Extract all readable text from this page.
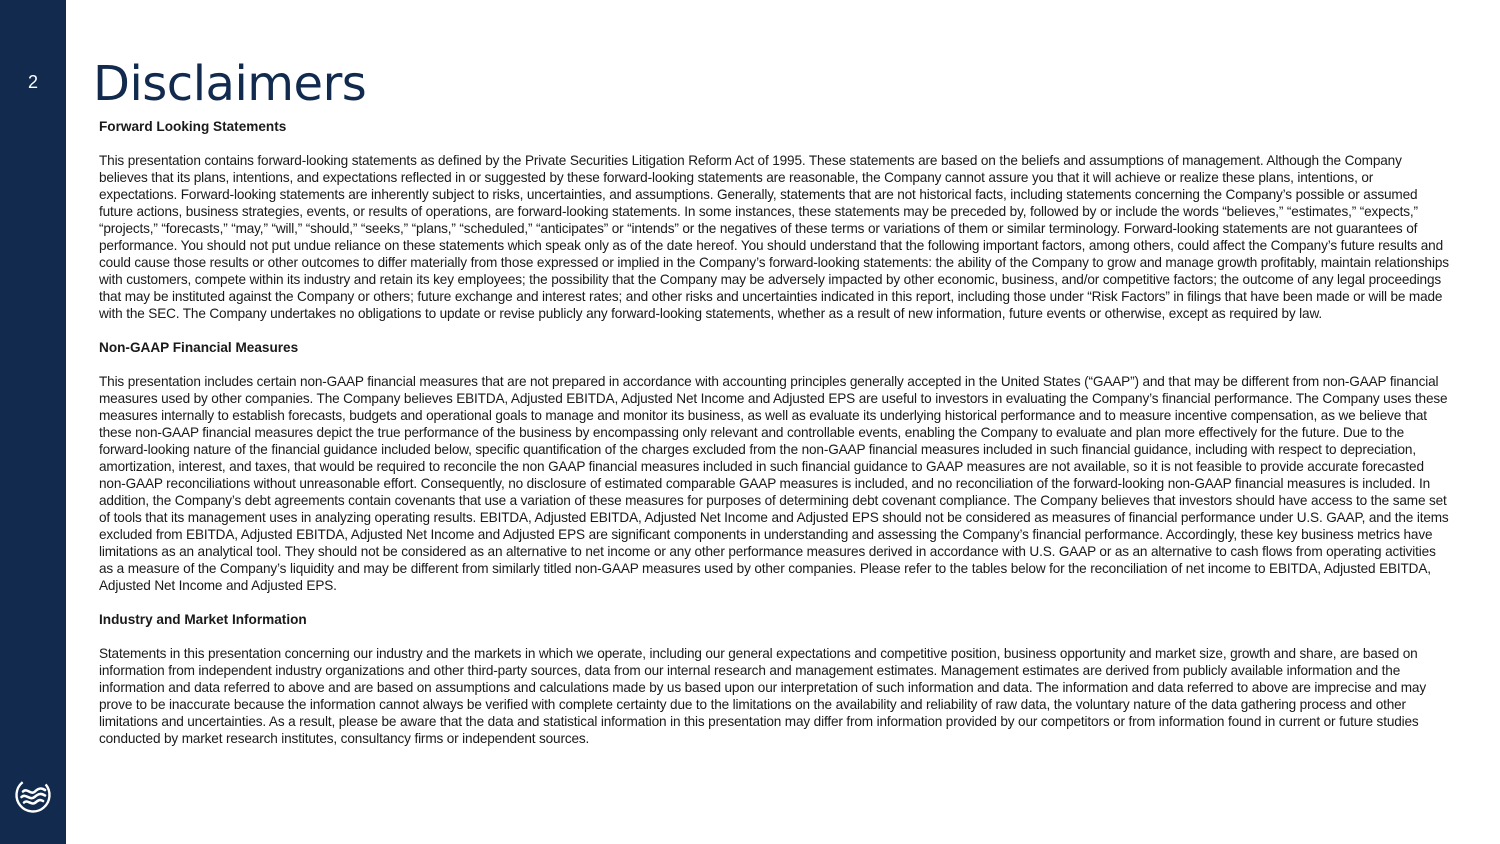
2	Disclaimers

Forward Looking Statements

This presentation contains forward-looking statements as defined by the Private Securities Litigation Reform Act of 1995. These statements are based on the beliefs and assumptions of management. Although the Company believes that its plans, intentions, and expectations reflected in or suggested by these forward-looking statements are reasonable, the Company cannot assure you that it will achieve or realize these plans, intentions, or expectations. Forward-looking statements are inherently subject to risks, uncertainties, and assumptions. Generally, statements that are not historical facts, including statements concerning the Company’s possible or assumed future actions, business strategies, events, or results of operations, are forward-looking statements. In some instances, these statements may be preceded by, followed by or include the words “believes,” “estimates,” “expects,” “projects,” “forecasts,” “may,” “will,” “should,” “seeks,” “plans,” “scheduled,” “anticipates” or “intends” or the negatives of these terms or variations of them or similar terminology. Forward-looking statements are not guarantees of performance. You should not put undue reliance on these statements which speak only as of the date hereof. You should understand that the following important factors, among others, could affect the Company’s future results and could cause those results or other outcomes to differ materially from those expressed or implied in the Company’s forward-looking statements: the ability of the Company to grow and manage growth profitably, maintain relationships with customers, compete within its industry and retain its key employees; the possibility that the Company may be adversely impacted by other economic, business, and/or competitive factors; the outcome of any legal proceedings that may be instituted against the Company or others; future exchange and interest rates; and other risks and uncertainties indicated in this report, including those under “Risk Factors” in filings that have been made or will be made with the SEC. The Company undertakes no obligations to update or revise publicly any forward-looking statements, whether as a result of new information, future events or otherwise, except as required by law.

Non-GAAP Financial Measures

This presentation includes certain non-GAAP financial measures that are not prepared in accordance with accounting principles generally accepted in the United States (“GAAP”) and that may be different from non-GAAP financial measures used by other companies. The Company believes EBITDA, Adjusted EBITDA, Adjusted Net Income and Adjusted EPS are useful to investors in evaluating the Company’s financial performance. The Company uses these measures internally to establish forecasts, budgets and operational goals to manage and monitor its business, as well as evaluate its underlying historical performance and to measure incentive compensation, as we believe that these non-GAAP financial measures depict the true performance of the business by encompassing only relevant and controllable events, enabling the Company to evaluate and plan more effectively for the future. Due to the forward-looking nature of the financial guidance included below, specific quantification of the charges excluded from the non-GAAP financial measures included in such financial guidance, including with respect to depreciation, amortization, interest, and taxes, that would be required to reconcile the non GAAP financial measures included in such financial guidance to GAAP measures are not available, so it is not feasible to provide accurate forecasted non-GAAP reconciliations without unreasonable effort. Consequently, no disclosure of estimated comparable GAAP measures is included, and no reconciliation of the forward-looking non-GAAP financial measures is included. In addition, the Company’s debt agreements contain covenants that use a variation of these measures for purposes of determining debt covenant compliance. The Company believes that investors should have access to the same set of tools that its management uses in analyzing operating results. EBITDA, Adjusted EBITDA, Adjusted Net Income and Adjusted EPS should not be considered as measures of financial performance under U.S. GAAP, and the items excluded from EBITDA, Adjusted EBITDA, Adjusted Net Income and Adjusted EPS are significant components in understanding and assessing the Company’s financial performance. Accordingly, these key business metrics have limitations as an analytical tool. They should not be considered as an alternative to net income or any other performance measures derived in accordance with U.S. GAAP or as an alternative to cash flows from operating activities as a measure of the Company’s liquidity and may be different from similarly titled non-GAAP measures used by other companies. Please refer to the tables below for the reconciliation of net income to EBITDA, Adjusted EBITDA, Adjusted Net Income and Adjusted EPS.

Industry and Market Information

Statements in this presentation concerning our industry and the markets in which we operate, including our general expectations and competitive position, business opportunity and market size, growth and share, are based on information from independent industry organizations and other third-party sources, data from our internal research and management estimates. Management estimates are derived from publicly available information and the information and data referred to above and are based on assumptions and calculations made by us based upon our interpretation of such information and data. The information and data referred to above are imprecise and may prove to be inaccurate because the information cannot always be verified with complete certainty due to the limitations on the availability and reliability of raw data, the voluntary nature of the data gathering process and other limitations and uncertainties. As a result, please be aware that the data and statistical information in this presentation may differ from information provided by our competitors or from information found in current or future studies conducted by market research institutes, consultancy firms or independent sources.
